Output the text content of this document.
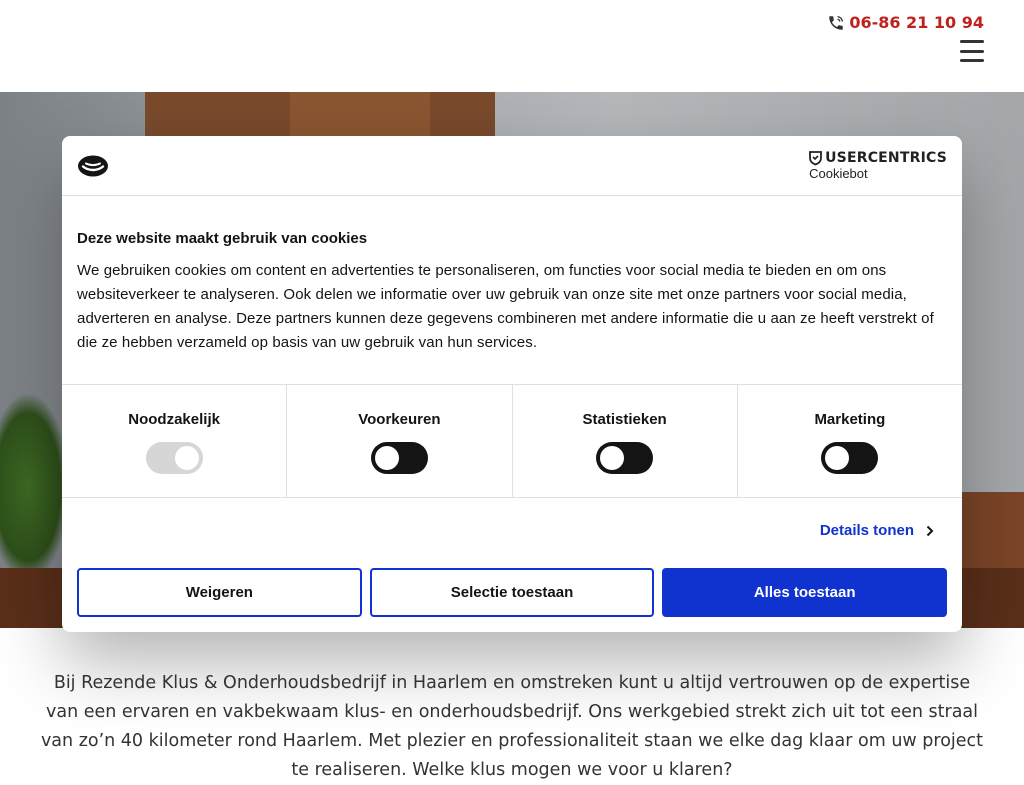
06-86 21 10 94
USERCENTRICS
Cookiebot
Deze website maakt gebruik van cookies
We gebruiken cookies om content en advertenties te personaliseren, om functies voor social media te bieden en om ons websiteverkeer te analyseren. Ook delen we informatie over uw gebruik van onze site met onze partners voor social media, adverteren en analyse. Deze partners kunnen deze gegevens combineren met andere informatie die u aan ze heeft verstrekt of die ze hebben verzameld op basis van uw gebruik van hun services.
Noodzakelijk	Voorkeuren	Statistieken	Marketing
Details tonen
Weigeren	Selectie toestaan	Alles toestaan

Bij Rezende Klus & Onderhoudsbedrijf in Haarlem en omstreken kunt u altijd vertrouwen op de expertise van een ervaren en vakbekwaam klus- en onderhoudsbedrijf. Ons werkgebied strekt zich uit tot een straal van zo’n 40 kilometer rond Haarlem. Met plezier en professionaliteit staan we elke dag klaar om uw project te realiseren. Welke klus mogen we voor u klaren?
